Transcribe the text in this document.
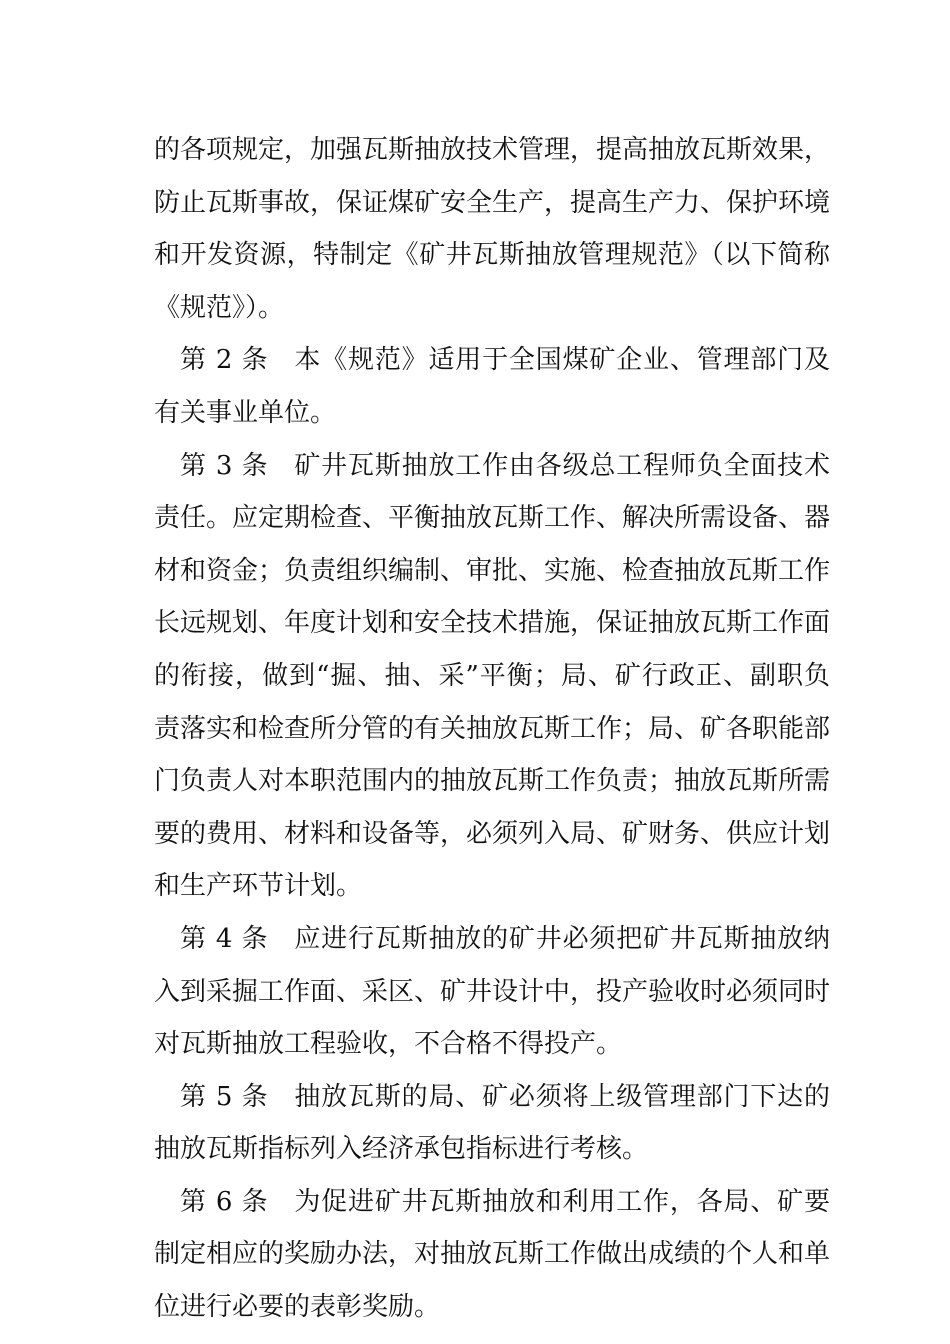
的各项规定，加强瓦斯抽放技术管理，提高抽放瓦斯效果，防止瓦斯事故，保证煤矿安全生产，提高生产力、保护环境和开发资源，特制定《矿井瓦斯抽放管理规范》（以下简称《规范》）。

第 2 条 本《规范》适用于全国煤矿企业、管理部门及有关事业单位。

第 3 条 矿井瓦斯抽放工作由各级总工程师负全面技术责任。应定期检查、平衡抽放瓦斯工作、解决所需设备、器材和资金；负责组织编制、审批、实施、检查抽放瓦斯工作长远规划、年度计划和安全技术措施，保证抽放瓦斯工作面的衔接，做到“掘、抽、采”平衡；局、矿行政正、副职负责落实和检查所分管的有关抽放瓦斯工作；局、矿各职能部门负责人对本职范围内的抽放瓦斯工作负责；抽放瓦斯所需要的费用、材料和设备等，必须列入局、矿财务、供应计划和生产环节计划。

第 4 条 应进行瓦斯抽放的矿井必须把矿井瓦斯抽放纳入到采掘工作面、采区、矿井设计中，投产验收时必须同时对瓦斯抽放工程验收，不合格不得投产。

第 5 条 抽放瓦斯的局、矿必须将上级管理部门下达的抽放瓦斯指标列入经济承包指标进行考核。

第 6 条 为促进矿井瓦斯抽放和利用工作，各局、矿要制定相应的奖励办法，对抽放瓦斯工作做出成绩的个人和单位进行必要的表彰奖励。
